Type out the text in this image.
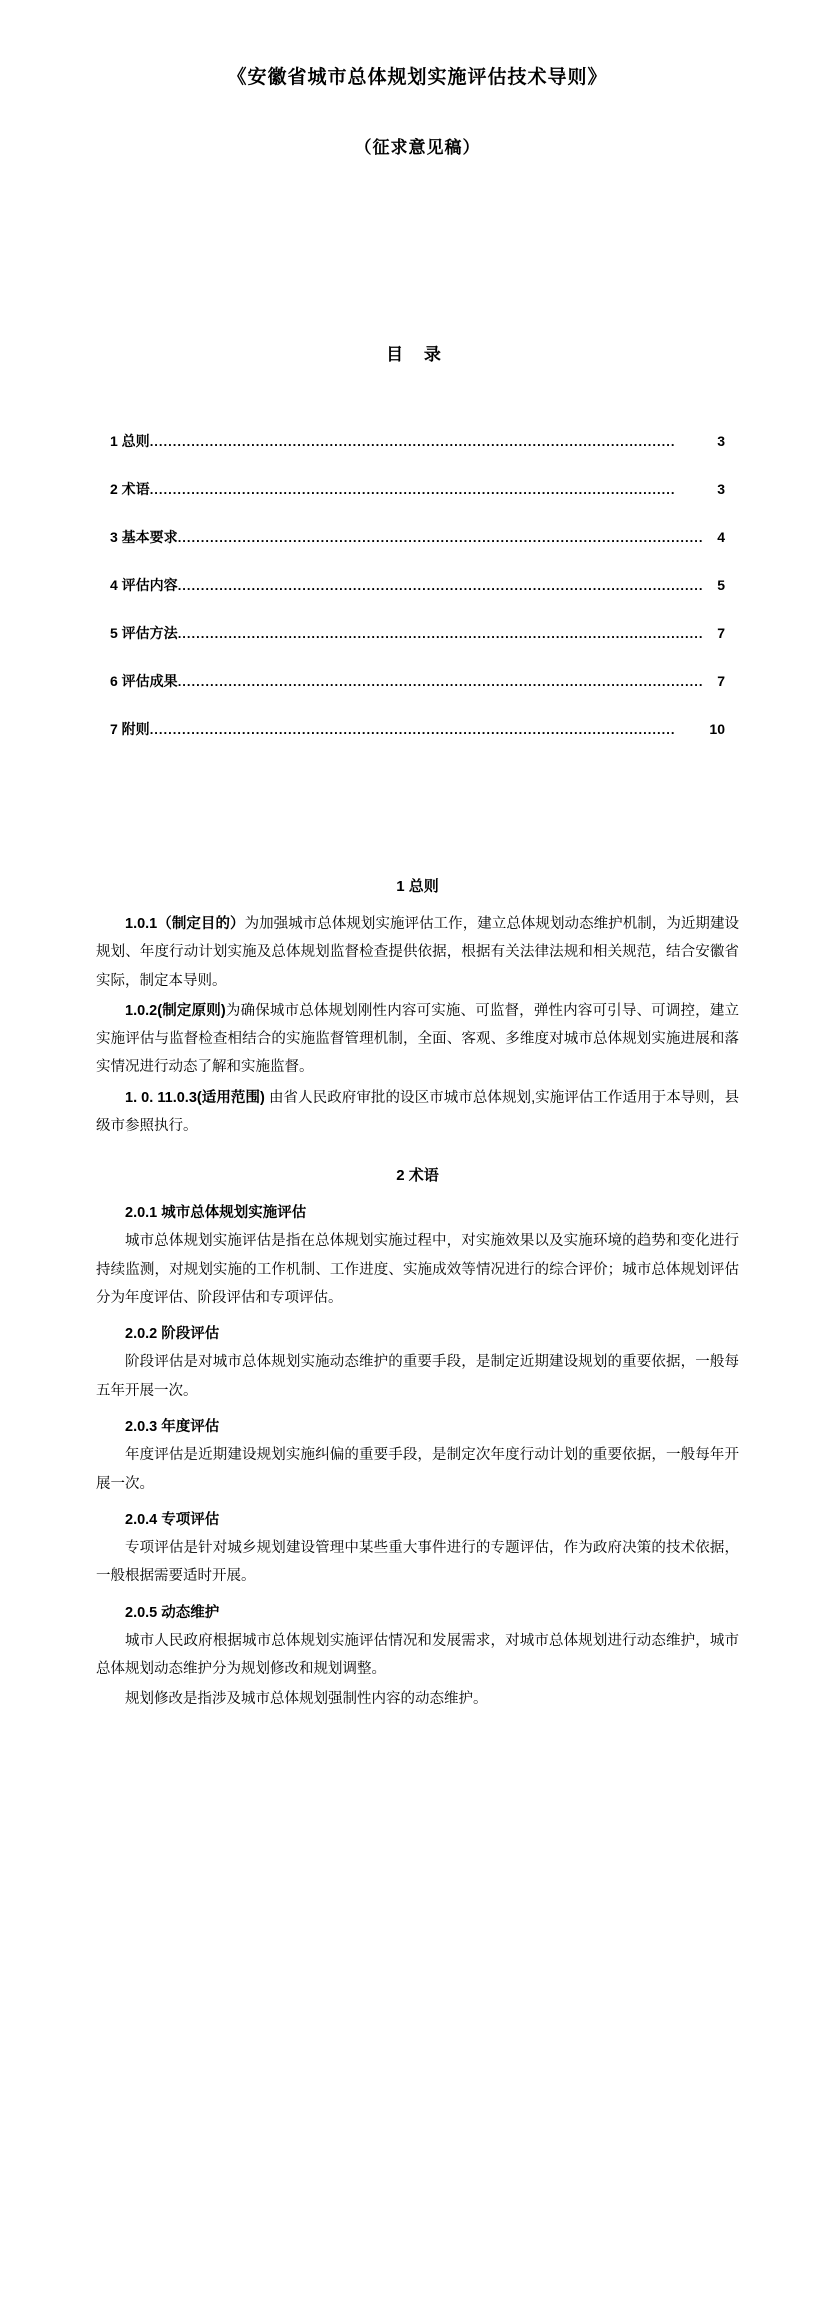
《安徽省城市总体规划实施评估技术导则》
（征求意见稿）
目 录
1 总则 ..................................................................................................................	3
2 术语 ..................................................................................................................	3
3 基本要求 .................................................................................................................. 4
4 评估内容 .................................................................................................................. 5
5 评估方法 .................................................................................................................. 7
6 评估成果 .................................................................................................................. 7
7 附则 ..................................................................................................................	10
1 总则

1.0.1（制定目的）为加强城市总体规划实施评估工作，建立总体规划动态维护机制，为近期建设规划、年度行动计划实施及总体规划监督检查提供依据，根据有关法律法规和相关规范，结合安徽省实际，制定本导则。

1.0.2(制定原则)为确保城市总体规划刚性内容可实施、可监督，弹性内容可引导、可调控，建立实施评估与监督检查相结合的实施监督管理机制，全面、客观、多维度对城市总体规划实施进展和落实情况进行动态了解和实施监督。

1. 0. 11.0.3(适用范围) 由省人民政府审批的设区市城市总体规划,实施评估工作适用于本导则，县级市参照执行。

2 术语
2.0.1 城市总体规划实施评估

城市总体规划实施评估是指在总体规划实施过程中，对实施效果以及实施环境的趋势和变化进行持续监测，对规划实施的工作机制、工作进度、实施成效等情况进行的综合评价；城市总体规划评估分为年度评估、阶段评估和专项评估。

2.0.2 阶段评估

阶段评估是对城市总体规划实施动态维护的重要手段，是制定近期建设规划的重要依据，一般每五年开展一次。

2.0.3 年度评估

年度评估是近期建设规划实施纠偏的重要手段，是制定次年度行动计划的重要依据，一般每年开展一次。

2.0.4 专项评估

专项评估是针对城乡规划建设管理中某些重大事件进行的专题评估，作为政府决策的技术依据，一般根据需要适时开展。

2.0.5 动态维护

城市人民政府根据城市总体规划实施评估情况和发展需求，对城市总体规划进行动态维护，城市总体规划动态维护分为规划修改和规划调整。

规划修改是指涉及城市总体规划强制性内容的动态维护。
